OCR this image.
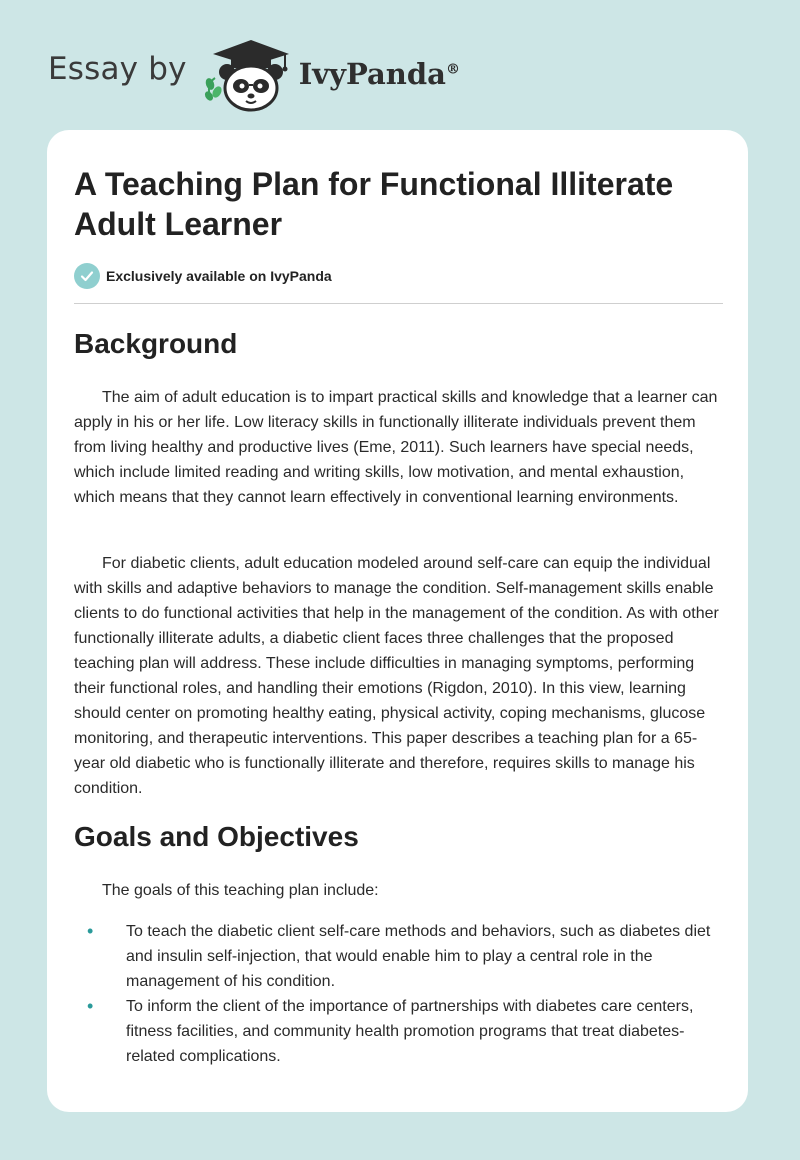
Essay by	IvyPanda®
A Teaching Plan for Functional Illiterate Adult Learner
Exclusively available on IvyPanda
Background

The aim of adult education is to impart practical skills and knowledge that a learner can apply in his or her life. Low literacy skills in functionally illiterate individuals prevent them from living healthy and productive lives (Eme, 2011). Such learners have special needs, which include limited reading and writing skills, low motivation, and mental exhaustion, which means that they cannot learn effectively in conventional learning environments.

For diabetic clients, adult education modeled around self-care can equip the individual with skills and adaptive behaviors to manage the condition. Self-management skills enable clients to do functional activities that help in the management of the condition. As with other functionally illiterate adults, a diabetic client faces three challenges that the proposed teaching plan will address. These include difficulties in managing symptoms, performing their functional roles, and handling their emotions (Rigdon, 2010). In this view, learning should center on promoting healthy eating, physical activity, coping mechanisms, glucose monitoring, and therapeutic interventions. This paper describes a teaching plan for a 65-year old diabetic who is functionally illiterate and therefore, requires skills to manage his condition.

Goals and Objectives

The goals of this teaching plan include:

• To teach the diabetic client self-care methods and behaviors, such as diabetes diet and insulin self-injection, that would enable him to play a central role in the management of his condition.
• To inform the client of the importance of partnerships with diabetes care centers, fitness facilities, and community health promotion programs that treat diabetes-related complications.
